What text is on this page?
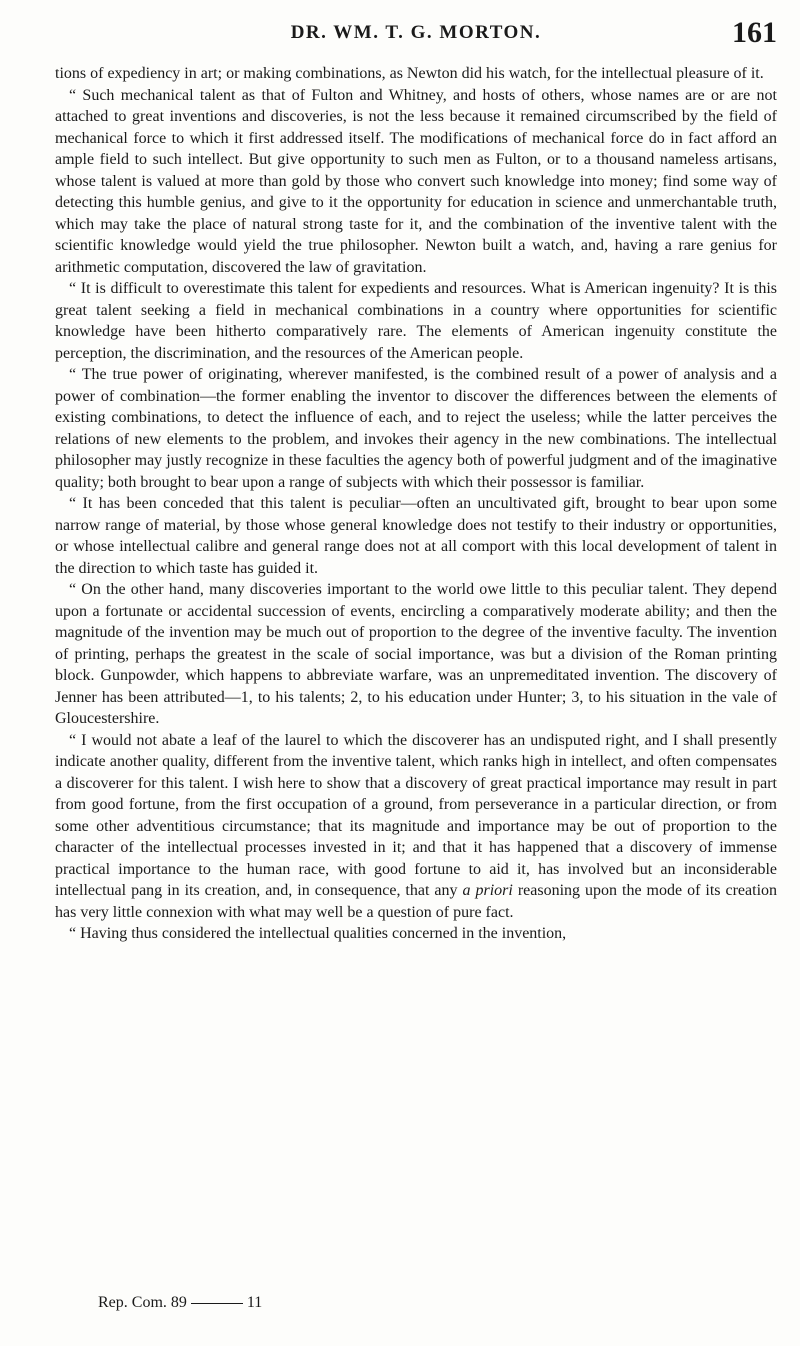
DR. WM. T. G. MORTON.	161

tions of expediency in art; or making combinations, as Newton did his watch, for the intellectual pleasure of it.

“ Such mechanical talent as that of Fulton and Whitney, and hosts of others, whose names are or are not attached to great inventions and discoveries, is not the less because it remained circumscribed by the field of mechanical force to which it first addressed itself. The modifications of mechanical force do in fact afford an ample field to such intellect. But give opportunity to such men as Fulton, or to a thousand nameless artisans, whose talent is valued at more than gold by those who convert such knowledge into money; find some way of detecting this humble genius, and give to it the opportunity for education in science and unmerchantable truth, which may take the place of natural strong taste for it, and the combination of the inventive talent with the scientific knowledge would yield the true philosopher. Newton built a watch, and, having a rare genius for arithmetic computation, discovered the law of gravitation.

“ It is difficult to overestimate this talent for expedients and resources. What is American ingenuity? It is this great talent seeking a field in mechanical combinations in a country where opportunities for scientific knowledge have been hitherto comparatively rare. The elements of American ingenuity constitute the perception, the discrimination, and the resources of the American people.

“ The true power of originating, wherever manifested, is the combined result of a power of analysis and a power of combination—the former enabling the inventor to discover the differences between the elements of existing combinations, to detect the influence of each, and to reject the useless; while the latter perceives the relations of new elements to the problem, and invokes their agency in the new combinations. The intellectual philosopher may justly recognize in these faculties the agency both of powerful judgment and of the imaginative quality; both brought to bear upon a range of subjects with which their possessor is familiar.

“ It has been conceded that this talent is peculiar—often an uncultivated gift, brought to bear upon some narrow range of material, by those whose general knowledge does not testify to their industry or opportunities, or whose intellectual calibre and general range does not at all comport with this local development of talent in the direction to which taste has guided it.

“ On the other hand, many discoveries important to the world owe little to this peculiar talent. They depend upon a fortunate or accidental succession of events, encircling a comparatively moderate ability; and then the magnitude of the invention may be much out of proportion to the degree of the inventive faculty. The invention of printing, perhaps the greatest in the scale of social importance, was but a division of the Roman printing block. Gunpowder, which happens to abbreviate warfare, was an unpremeditated invention. The discovery of Jenner has been attributed—1, to his talents; 2, to his education under Hunter; 3, to his situation in the vale of Gloucestershire.

“ I would not abate a leaf of the laurel to which the discoverer has an undisputed right, and I shall presently indicate another quality, different from the inventive talent, which ranks high in intellect, and often compensates a discoverer for this talent. I wish here to show that a discovery of great practical importance may result in part from good fortune, from the first occupation of a ground, from perseverance in a particular direction, or from some other adventitious circumstance; that its magnitude and importance may be out of proportion to the character of the intellectual processes invested in it; and that it has happened that a discovery of immense practical importance to the human race, with good fortune to aid it, has involved but an inconsiderable intellectual pang in its creation, and, in consequence, that any a priori reasoning upon the mode of its creation has very little connexion with what may well be a question of pure fact.

“ Having thus considered the intellectual qualities concerned in the invention,

Rep. Com. 89	11
